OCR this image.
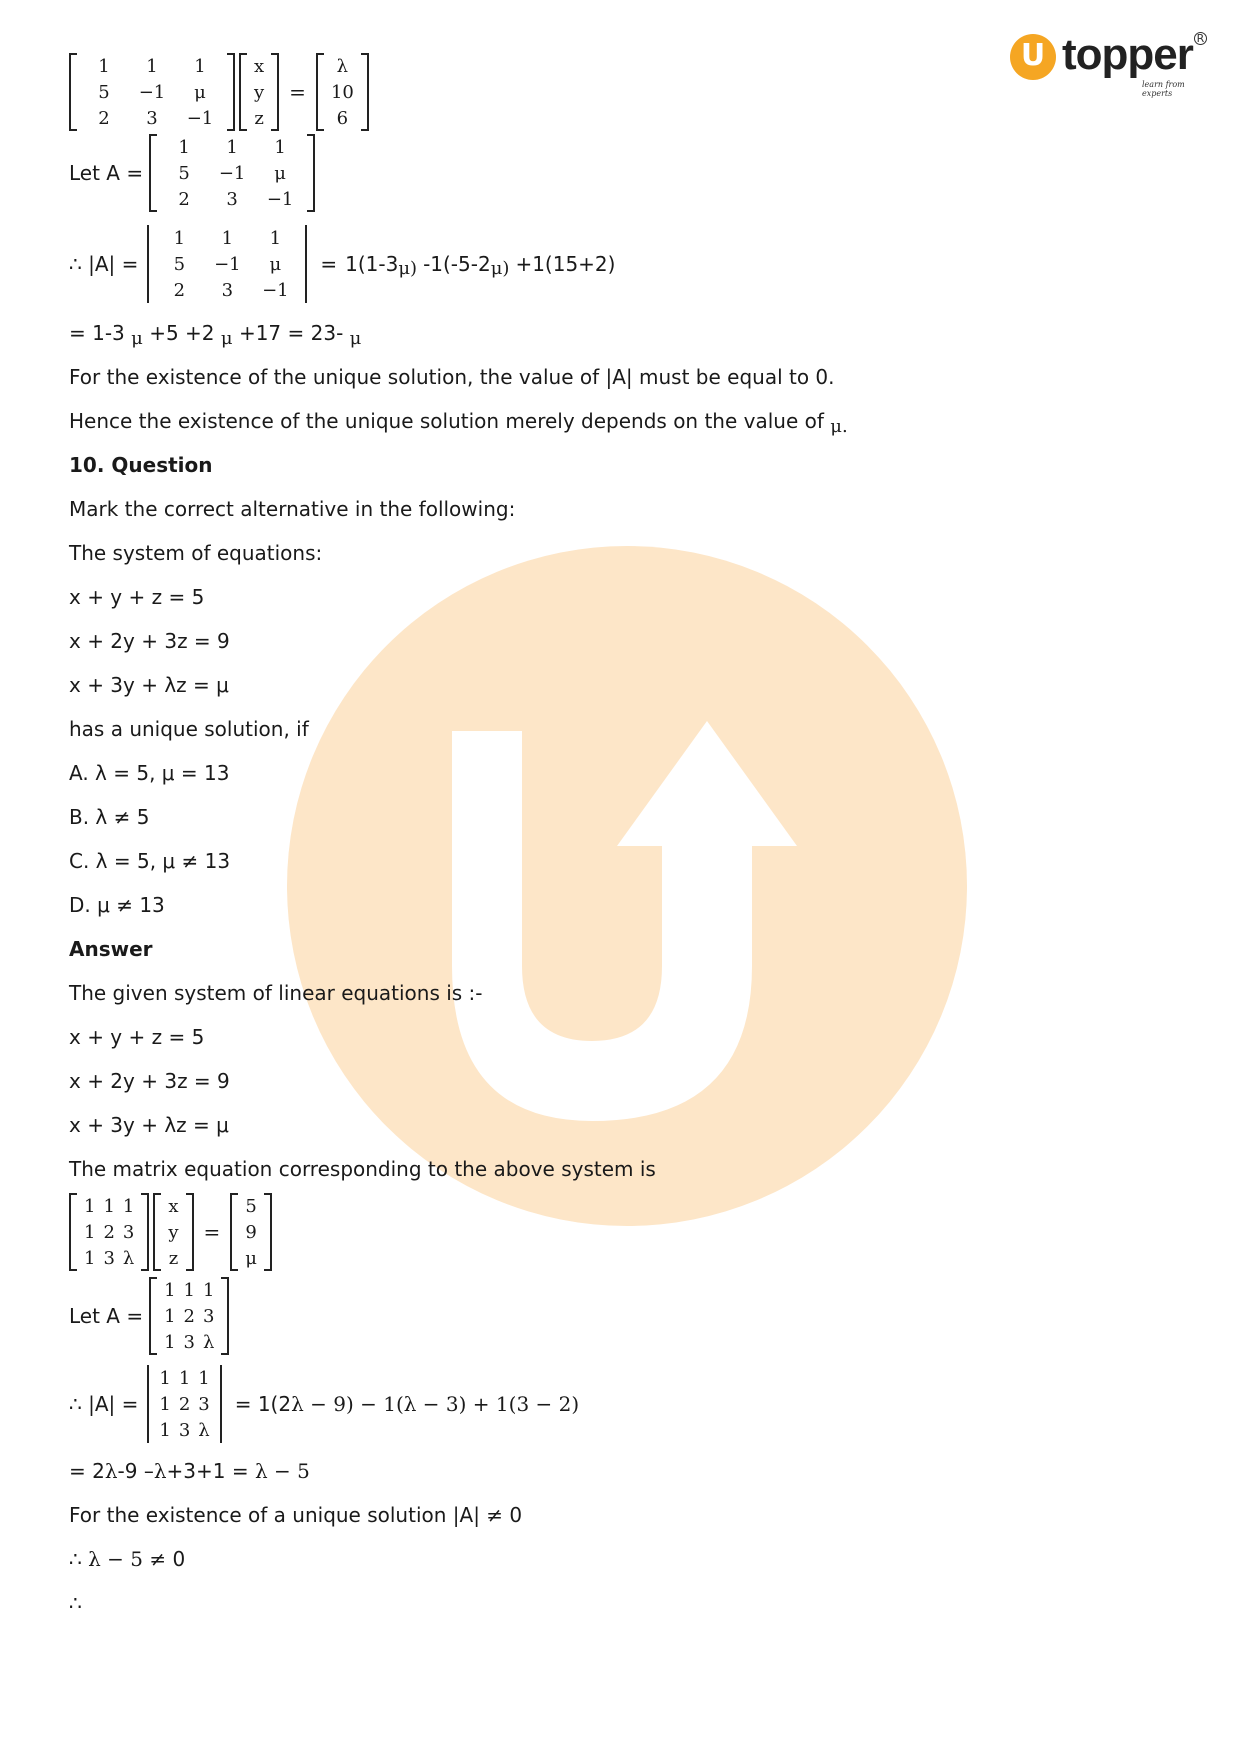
U topper R
learn from experts
1	1	1
5	−1	μ
2	3	−1
x
y
z
=
λ
10
6
Let A =
1	1	1
5	−1	μ
2	3	−1
∴ |A| =
1	1	1
5	−1	μ
2	3	−1
= 1(1-3 μ) -1(-5-2 μ) +1(15+2)
= 1-3 μ +5 +2 μ +17 = 23- μ
For the existence of the unique solution, the value of |A| must be equal to 0.
Hence the existence of the unique solution merely depends on the value of μ.
10. Question
Mark the correct alternative in the following:
The system of equations:
x + y + z = 5
x + 2y + 3z = 9
x + 3y + λz = μ
has a unique solution, if
A. λ = 5, μ = 13
B. λ ≠ 5
C. λ = 5, μ ≠ 13
D. μ ≠ 13
Answer
The given system of linear equations is :-
x + y + z = 5
x + 2y + 3z = 9
x + 3y + λz = μ
The matrix equation corresponding to the above system is
1 1 1
1 2 3
1 3 λ
x
y
z
=
5
9
μ
Let A =
1 1 1
1 2 3
1 3 λ
∴ |A| =
1 1 1
1 2 3
1 3 λ
= 1(2 λ − 9) − 1(λ − 3) + 1(3 − 2)
= 2λ-9 –λ+3+1 = λ − 5
For the existence of a unique solution |A| ≠ 0
∴ λ − 5 ≠ 0
∴
